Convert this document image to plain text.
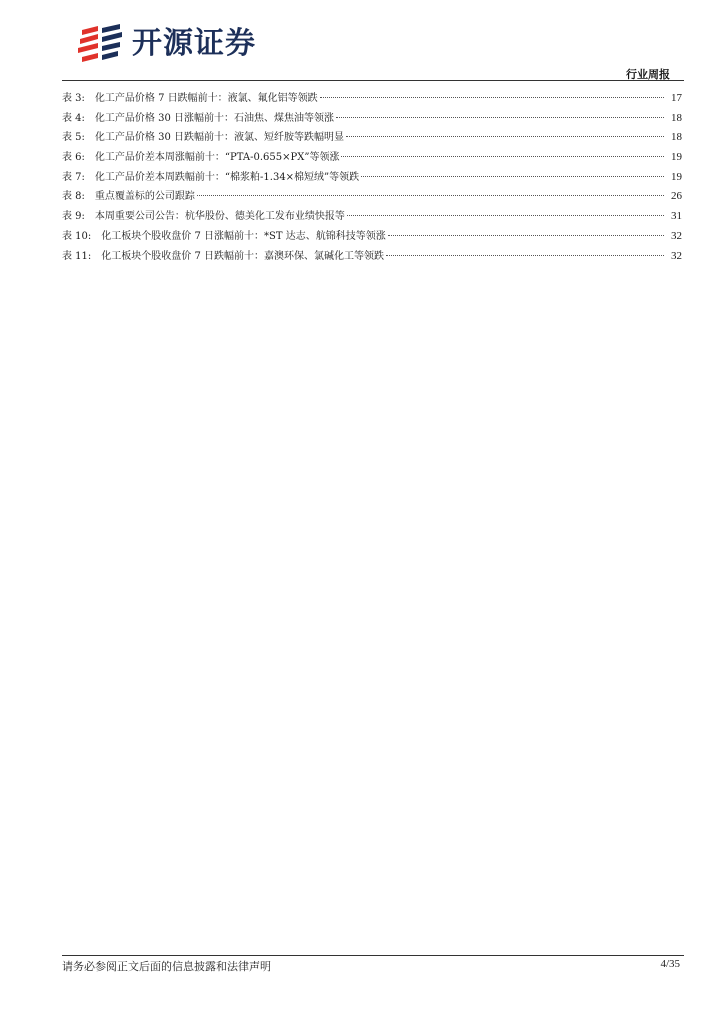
开源证券
行业周报
表 3: 化工产品价格 7 日跌幅前十：液氯、氟化铝等领跌	17
表 4: 化工产品价格 30 日涨幅前十：石油焦、煤焦油等领涨	18
表 5: 化工产品价格 30 日跌幅前十：液氯、短纤胺等跌幅明显	18
表 6: 化工产品价差本周涨幅前十：“PTA-0.655×PX”等领涨	19
表 7: 化工产品价差本周跌幅前十：“棉浆粕-1.34×棉短绒”等领跌	19
表 8: 重点覆盖标的公司跟踪	26
表 9: 本周重要公司公告：杭华股份、德美化工发布业绩快报等	31
表 10: 化工板块个股收盘价 7 日涨幅前十：*ST 达志、航锦科技等领涨	32
表 11: 化工板块个股收盘价 7 日跌幅前十：嘉澳环保、氯碱化工等领跌	32
请务必参阅正文后面的信息披露和法律声明	4/35
